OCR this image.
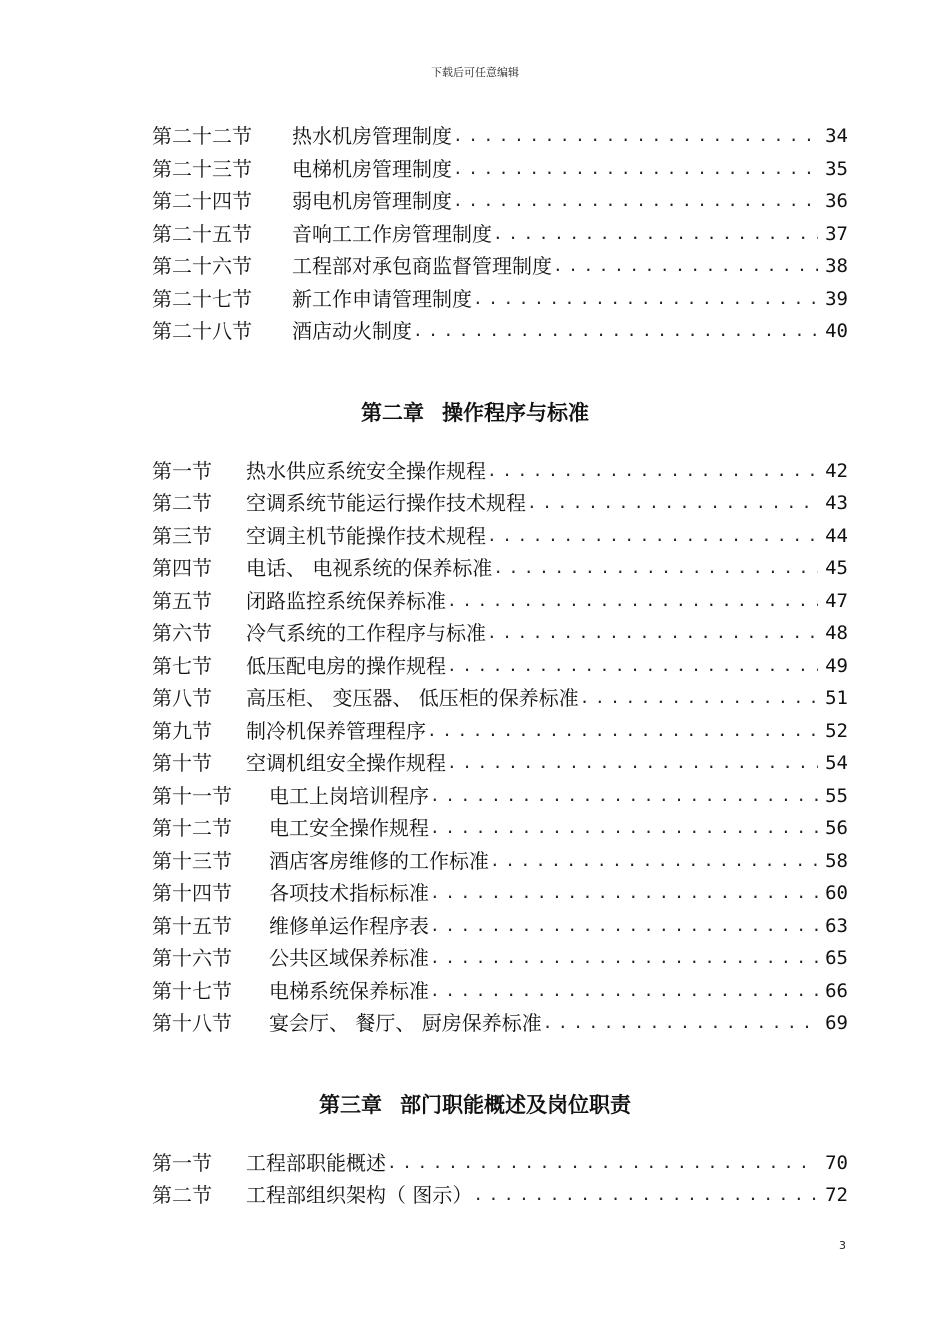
下载后可任意编辑
第二十二节	热水机房管理制度 . . .	34
第二十三节	电梯机房管理制度 . . .	35
第二十四节	弱电机房管理制度 . . .	36
第二十五节	音响工工作房管理制度 . . .	37
第二十六节	工程部对承包商监督管理制度 . . .	38
第二十七节	新工作申请管理制度 . . .	39
第二十八节	酒店动火制度 . . .	40
第二章 操作程序与标准
第一节	热水供应系统安全操作规程 . . .	42
第二节	空调系统节能运行操作技术规程 . . .	43
第三节	空调主机节能操作技术规程 . . .	44
第四节	电话、 电视系统的保养标准 . . .	45
第五节	闭路监控系统保养标准 . . .	47
第六节	冷气系统的工作程序与标准 . . .	48
第七节	低压配电房的操作规程 . . .	49
第八节	高压柜、 变压器、 低压柜的保养标准 . . .	51
第九节	制冷机保养管理程序 . . .	52
第十节	空调机组安全操作规程 . . .	54
第十一节	电工上岗培训程序 . . .	55
第十二节	电工安全操作规程 . . .	56
第十三节	酒店客房维修的工作标准 . . .	58
第十四节	各项技术指标标准 . . .	60
第十五节	维修单运作程序表 . . .	63
第十六节	公共区域保养标准 . . .	65
第十七节	电梯系统保养标准 . . .	66
第十八节	宴会厅、 餐厅、 厨房保养标准 . . .	69
第三章 部门职能概述及岗位职责
第一节	工程部职能概述 . . .	70
第二节	工程部组织架构（ 图示） . . .	72
3
